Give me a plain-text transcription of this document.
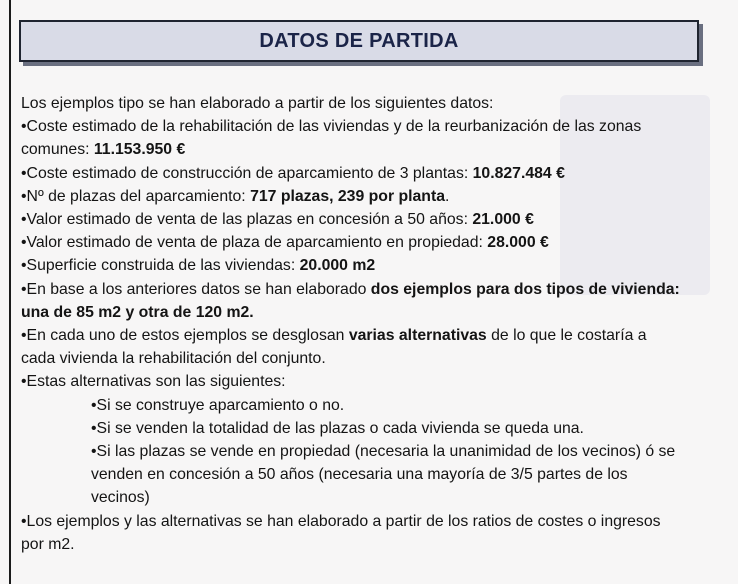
DATOS DE PARTIDA

Los ejemplos tipo se han elaborado a partir de los siguientes datos:

•Coste estimado de la rehabilitación de las viviendas y de la reurbanización de las zonas comunes: 11.153.950 €

•Coste estimado de construcción de aparcamiento de 3 plantas: 10.827.484 €

•Nº de plazas del aparcamiento: 717 plazas, 239 por planta.

•Valor estimado de venta de las plazas en concesión a 50 años: 21.000 €

•Valor estimado de venta de plaza de aparcamiento en propiedad: 28.000 €

•Superficie construida de las viviendas: 20.000 m2

•En base a los anteriores datos se han elaborado dos ejemplos para dos tipos de vivienda: una de 85 m2 y otra de 120 m2.

•En cada uno de estos ejemplos se desglosan varias alternativas de lo que le costaría a cada vivienda la rehabilitación del conjunto.

•Estas alternativas son las siguientes:

•Si se construye aparcamiento o no.

•Si se venden la totalidad de las plazas o cada vivienda se queda una.

•Si las plazas se vende en propiedad (necesaria la unanimidad de los vecinos) ó se venden en concesión a 50 años (necesaria una mayoría de 3/5 partes de los vecinos)

•Los ejemplos y las alternativas se han elaborado a partir de los ratios de costes o ingresos por m2.
